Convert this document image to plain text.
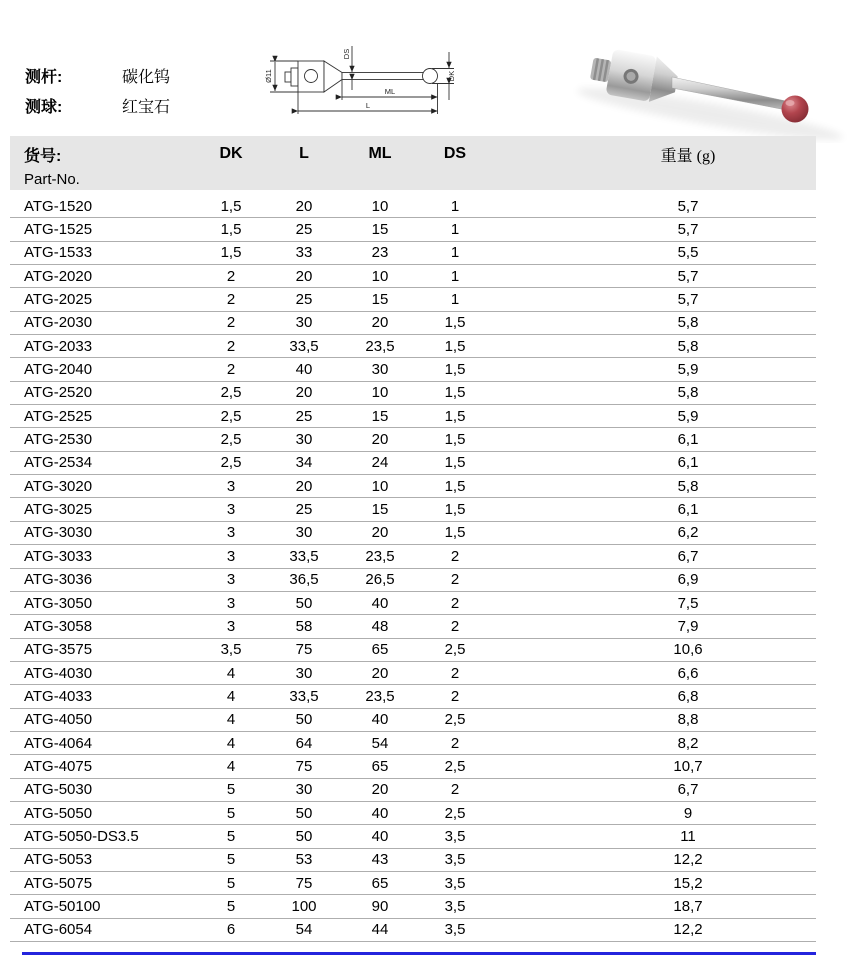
测杆:	碳化钨
测球:	红宝石
Ø11
DS
DK
ML
L
货号:	DK	L	ML	DS	重量 (g)
Part-No.
ATG-1520	1,5	20	10	1	5,7
ATG-1525	1,5	25	15	1	5,7
ATG-1533	1,5	33	23	1	5,5
ATG-2020	2	20	10	1	5,7
ATG-2025	2	25	15	1	5,7
ATG-2030	2	30	20	1,5	5,8
ATG-2033	2	33,5	23,5	1,5	5,8
ATG-2040	2	40	30	1,5	5,9
ATG-2520	2,5	20	10	1,5	5,8
ATG-2525	2,5	25	15	1,5	5,9
ATG-2530	2,5	30	20	1,5	6,1
ATG-2534	2,5	34	24	1,5	6,1
ATG-3020	3	20	10	1,5	5,8
ATG-3025	3	25	15	1,5	6,1
ATG-3030	3	30	20	1,5	6,2
ATG-3033	3	33,5	23,5	2	6,7
ATG-3036	3	36,5	26,5	2	6,9
ATG-3050	3	50	40	2	7,5
ATG-3058	3	58	48	2	7,9
ATG-3575	3,5	75	65	2,5	10,6
ATG-4030	4	30	20	2	6,6
ATG-4033	4	33,5	23,5	2	6,8
ATG-4050	4	50	40	2,5	8,8
ATG-4064	4	64	54	2	8,2
ATG-4075	4	75	65	2,5	10,7
ATG-5030	5	30	20	2	6,7
ATG-5050	5	50	40	2,5	9
ATG-5050-DS3.5	5	50	40	3,5	11
ATG-5053	5	53	43	3,5	12,2
ATG-5075	5	75	65	3,5	15,2
ATG-50100	5	100	90	3,5	18,7
ATG-6054	6	54	44	3,5	12,2
